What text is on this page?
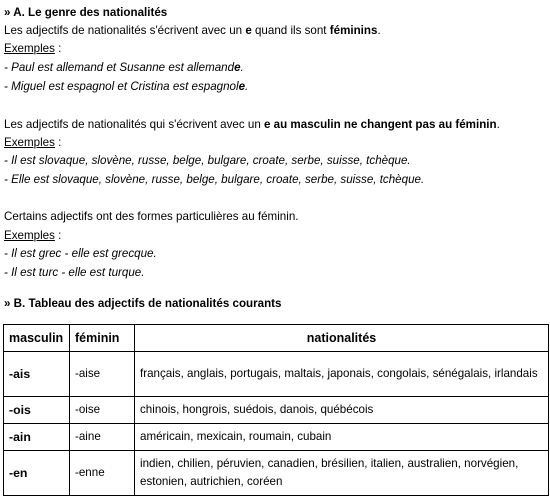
» A. Le genre des nationalités
Les adjectifs de nationalités s'écrivent avec un e quand ils sont féminins.
Exemples :
- Paul est allemand et Susanne est allemande.
- Miguel est espagnol et Cristina est espagnole.
Les adjectifs de nationalités qui s'écrivent avec un e au masculin ne changent pas au féminin.
Exemples :
- Il est slovaque, slovène, russe, belge, bulgare, croate, serbe, suisse, tchèque.
- Elle est slovaque, slovène, russe, belge, bulgare, croate, serbe, suisse, tchèque.
Certains adjectifs ont des formes particulières au féminin.
Exemples :
- Il est grec - elle est grecque.
- Il est turc - elle est turque.
» B. Tableau des adjectifs de nationalités courants
masculin	féminin	nationalités
-ais	-aise	français, anglais, portugais, maltais, japonais, congolais, sénégalais, irlandais
-ois	-oise	chinois, hongrois, suédois, danois, québécois
-ain	-aine	américain, mexicain, roumain, cubain
-en	-enne	indien, chilien, péruvien, canadien, brésilien, italien, australien, norvégien, estonien, autrichien, coréen
